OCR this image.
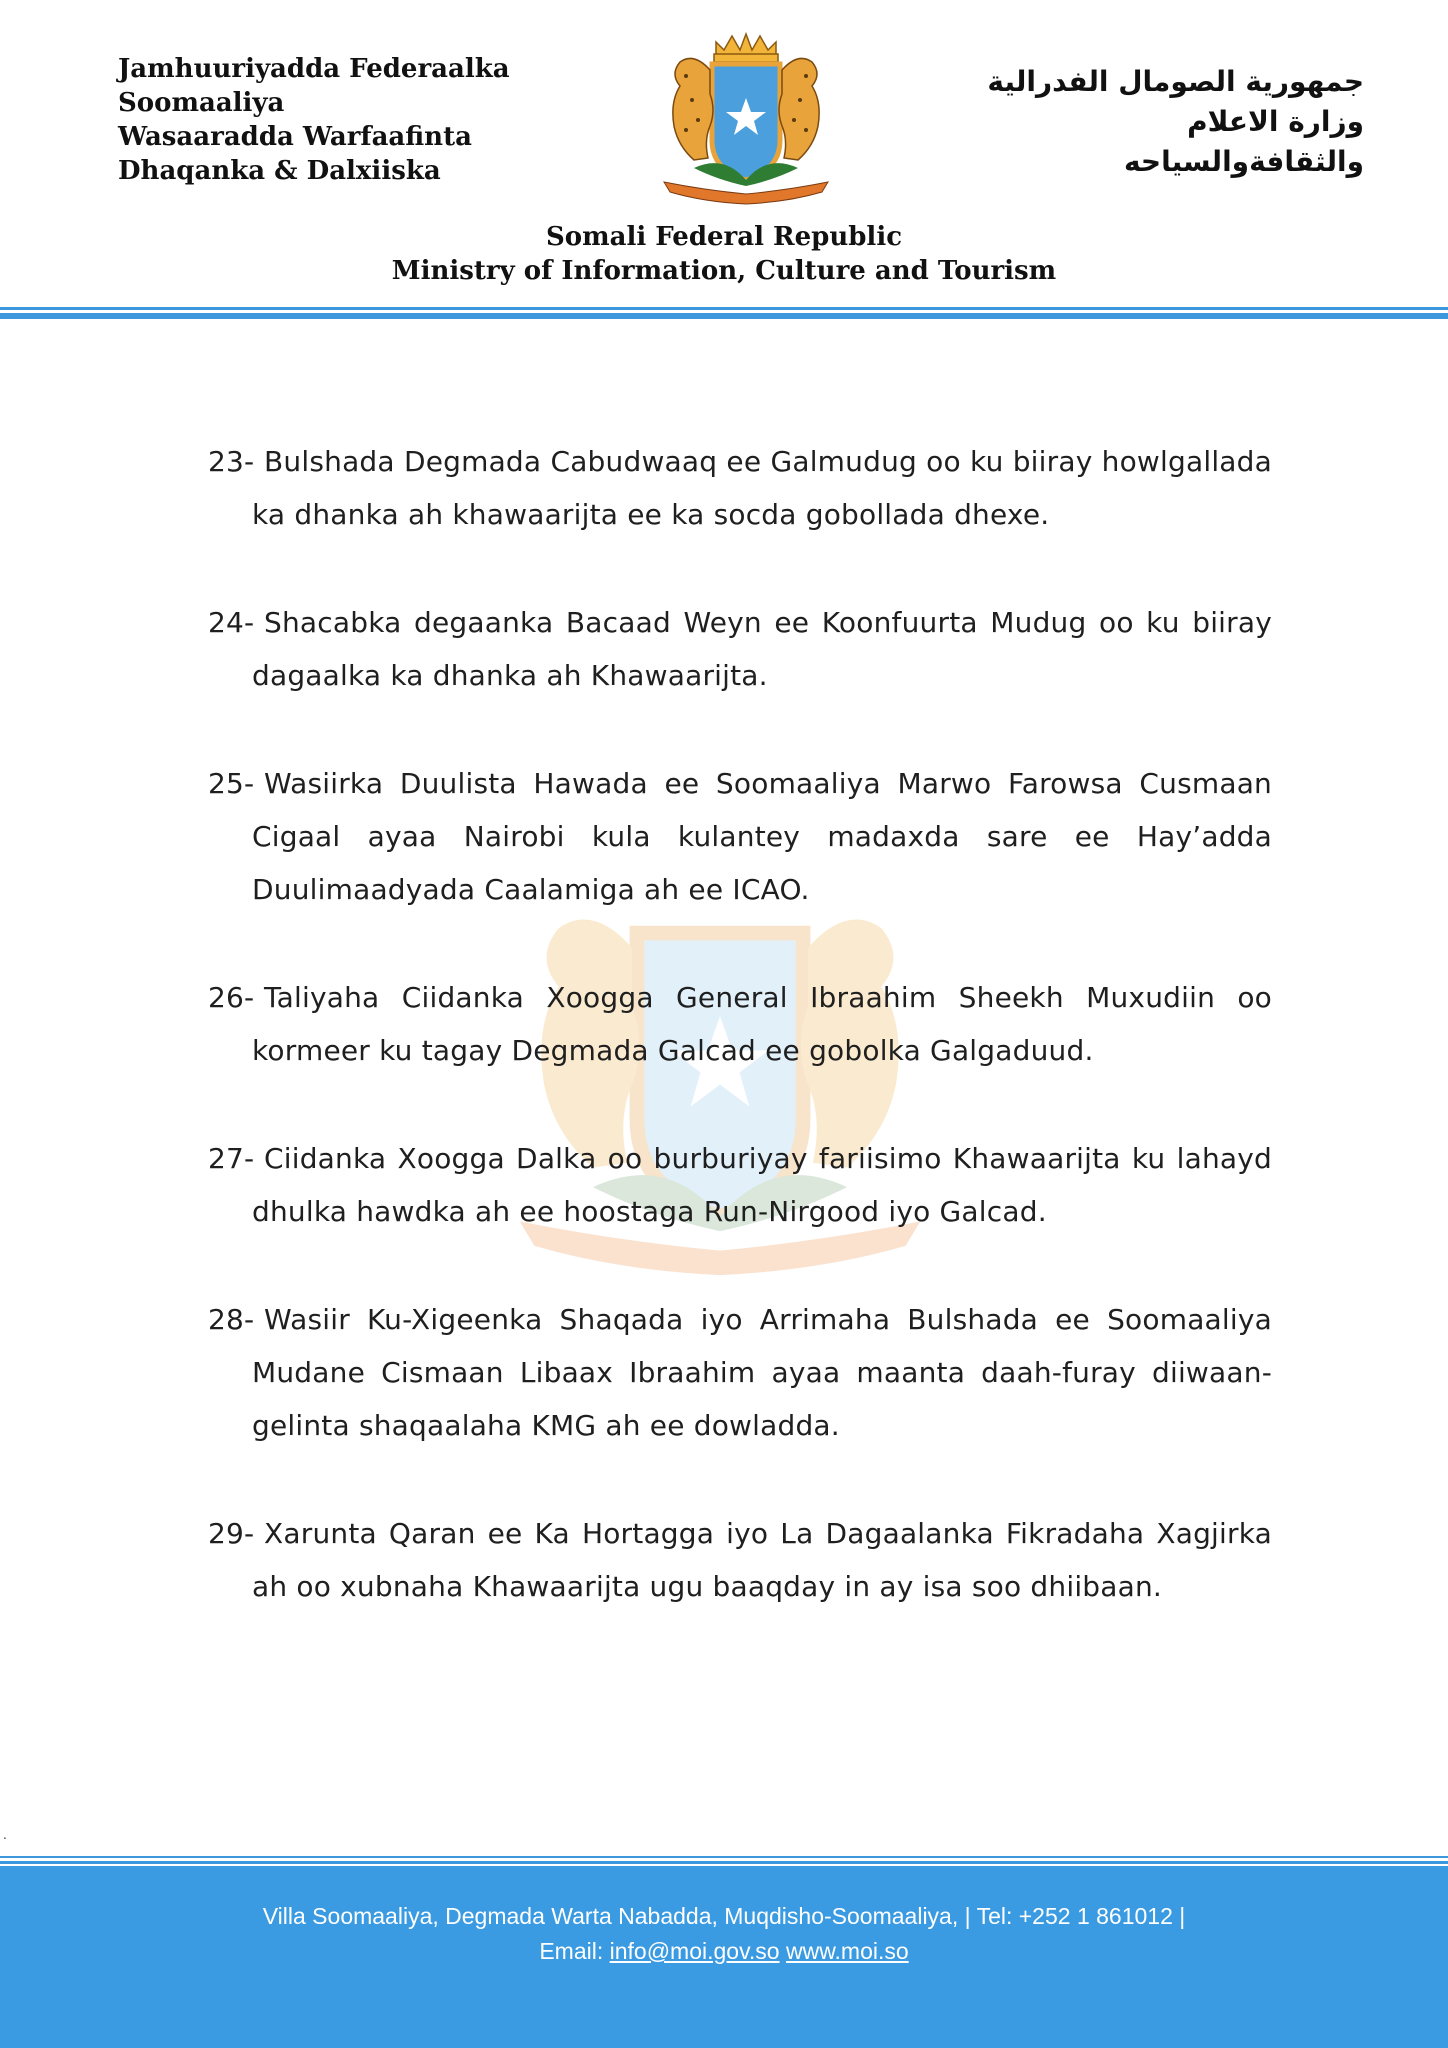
Jamhuuriyadda Federaalka
Soomaaliya
Wasaaradda Warfaafinta
Dhaqanka & Dalxiiska
جمهورية الصومال الفدرالية
وزارة الاعلام
والثقافةوالسياحه
Somali Federal Republic
Ministry of Information, Culture and Tourism
23- Bulshada Degmada Cabudwaaq ee Galmudug oo ku biiray howlgallada ka dhanka ah khawaarijta ee ka socda gobollada dhexe.
24- Shacabka degaanka Bacaad Weyn ee Koonfuurta Mudug oo ku biiray dagaalka ka dhanka ah Khawaarijta.
25- Wasiirka Duulista Hawada ee Soomaaliya Marwo Farowsa Cusmaan Cigaal ayaa Nairobi kula kulantey madaxda sare ee Hay’adda Duulimaadyada Caalamiga ah ee ICAO.
26- Taliyaha Ciidanka Xoogga General Ibraahim Sheekh Muxudiin oo kormeer ku tagay Degmada Galcad ee gobolka Galgaduud.
27- Ciidanka Xoogga Dalka oo burburiyay fariisimo Khawaarijta ku lahayd dhulka hawdka ah ee hoostaga Run-Nirgood iyo Galcad.
28- Wasiir Ku-Xigeenka Shaqada iyo Arrimaha Bulshada ee Soomaaliya Mudane Cismaan Libaax Ibraahim ayaa maanta daah-furay diiwaan-gelinta shaqaalaha KMG ah ee dowladda.
29- Xarunta Qaran ee Ka Hortagga iyo La Dagaalanka Fikradaha Xagjirka ah oo xubnaha Khawaarijta ugu baaqday in ay isa soo dhiibaan.
.
Villa Soomaaliya, Degmada Warta Nabadda, Muqdisho-Soomaaliya, | Tel: +252 1 861012 |
Email: info@moi.gov.so www.moi.so
